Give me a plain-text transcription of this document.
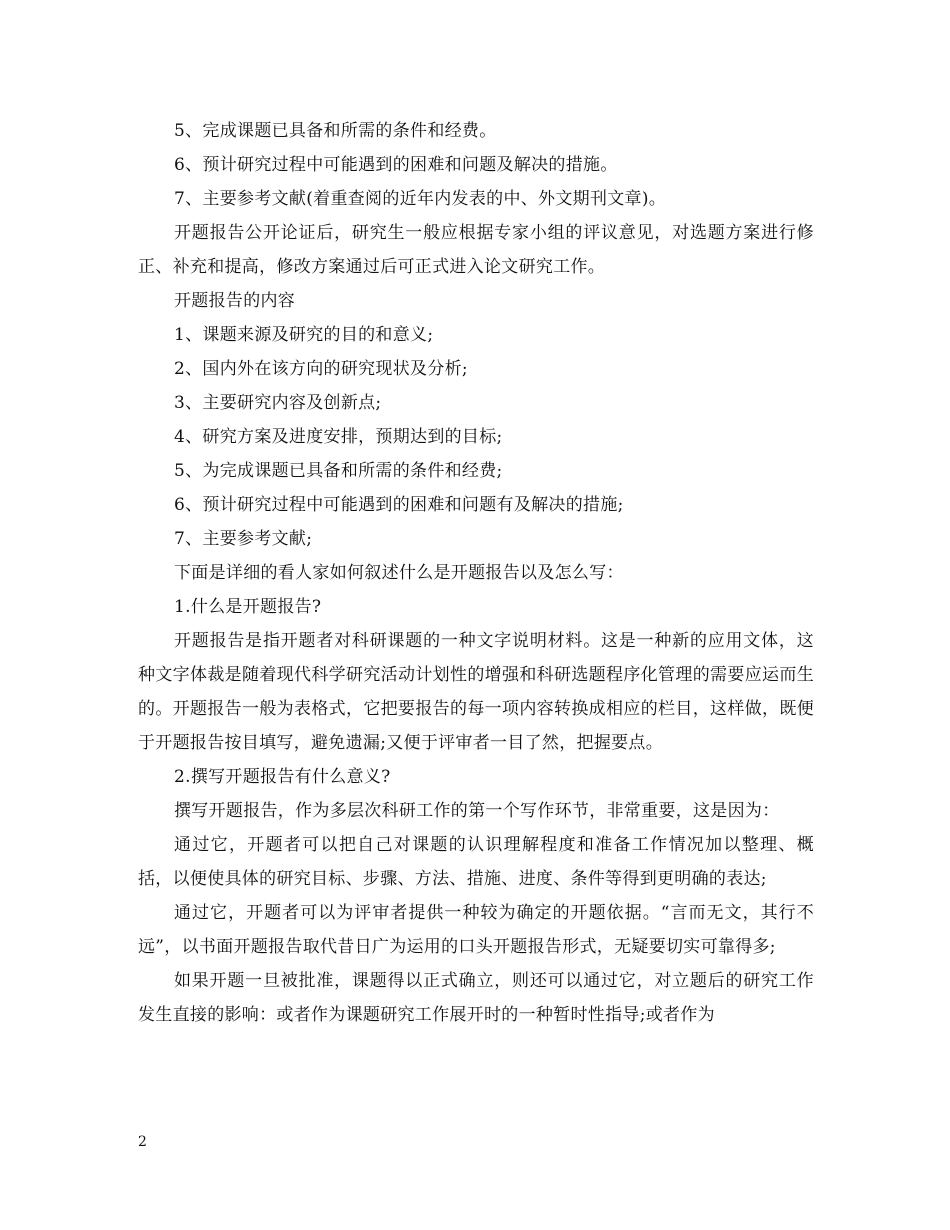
5、完成课题已具备和所需的条件和经费。

6、预计研究过程中可能遇到的困难和问题及解决的措施。

7、主要参考文献(着重查阅的近年内发表的中、外文期刊文章)。

开题报告公开论证后，研究生一般应根据专家小组的评议意见，对选题方案进行修正、补充和提高，修改方案通过后可正式进入论文研究工作。

开题报告的内容

1、课题来源及研究的目的和意义;

2、国内外在该方向的研究现状及分析;

3、主要研究内容及创新点;

4、研究方案及进度安排，预期达到的目标;

5、为完成课题已具备和所需的条件和经费;

6、预计研究过程中可能遇到的困难和问题有及解决的措施;

7、主要参考文献;

下面是详细的看人家如何叙述什么是开题报告以及怎么写：

1.什么是开题报告?

开题报告是指开题者对科研课题的一种文字说明材料。这是一种新的应用文体，这种文字体裁是随着现代科学研究活动计划性的增强和科研选题程序化管理的需要应运而生的。开题报告一般为表格式，它把要报告的每一项内容转换成相应的栏目，这样做，既便于开题报告按目填写，避免遗漏;又便于评审者一目了然，把握要点。

2.撰写开题报告有什么意义?

撰写开题报告，作为多层次科研工作的第一个写作环节，非常重要，这是因为：

通过它，开题者可以把自己对课题的认识理解程度和准备工作情况加以整理、概括，以便使具体的研究目标、步骤、方法、措施、进度、条件等得到更明确的表达;

通过它，开题者可以为评审者提供一种较为确定的开题依据。“言而无文，其行不远”，以书面开题报告取代昔日广为运用的口头开题报告形式，无疑要切实可靠得多;

如果开题一旦被批准，课题得以正式确立，则还可以通过它，对立题后的研究工作发生直接的影响：或者作为课题研究工作展开时的一种暂时性指导;或者作为

2
